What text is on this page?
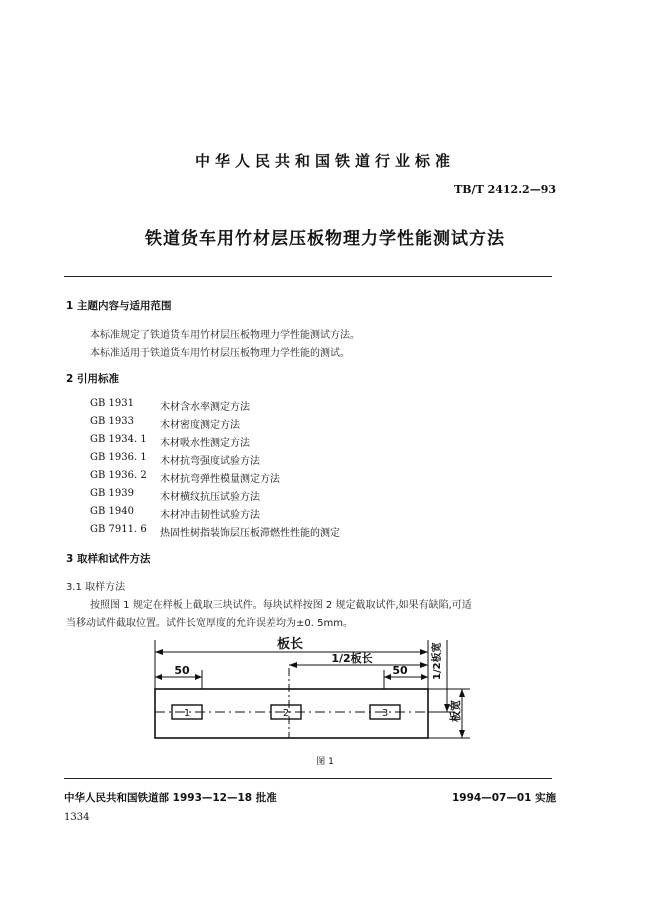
中华人民共和国铁道行业标准
TB/T 2412.2—93
铁道货车用竹材层压板物理力学性能测试方法
1 主题内容与适用范围
本标准规定了铁道货车用竹材层压板物理力学性能测试方法。
本标准适用于铁道货车用竹材层压板物理力学性能的测试。
2 引用标准
GB 1931	木材含水率测定方法
GB 1933	木材密度测定方法
GB 1934. 1 木材吸水性测定方法
GB 1936. 1 木材抗弯强度试验方法
GB 1936. 2 木材抗弯弹性模量测定方法
GB 1939	木材横纹抗压试验方法
GB 1940	木材冲击韧性试验方法
GB 7911. 6 热固性树指装饰层压板滞燃性性能的测定
3 取样和试件方法
3.1 取样方法
按照图 1 规定在样板上截取三块试件。每块试样按图 2 规定截取试件,如果有缺陷,可适
当移动试件截取位置。试件长宽厚度的允许误差均为±0. 5mm。
板长
1/2板长
50	50 1/2板宽
板宽
1	2	3
图 1
中华人民共和国铁道部 1993—12—18 批准	1994—07—01 实施
1334
